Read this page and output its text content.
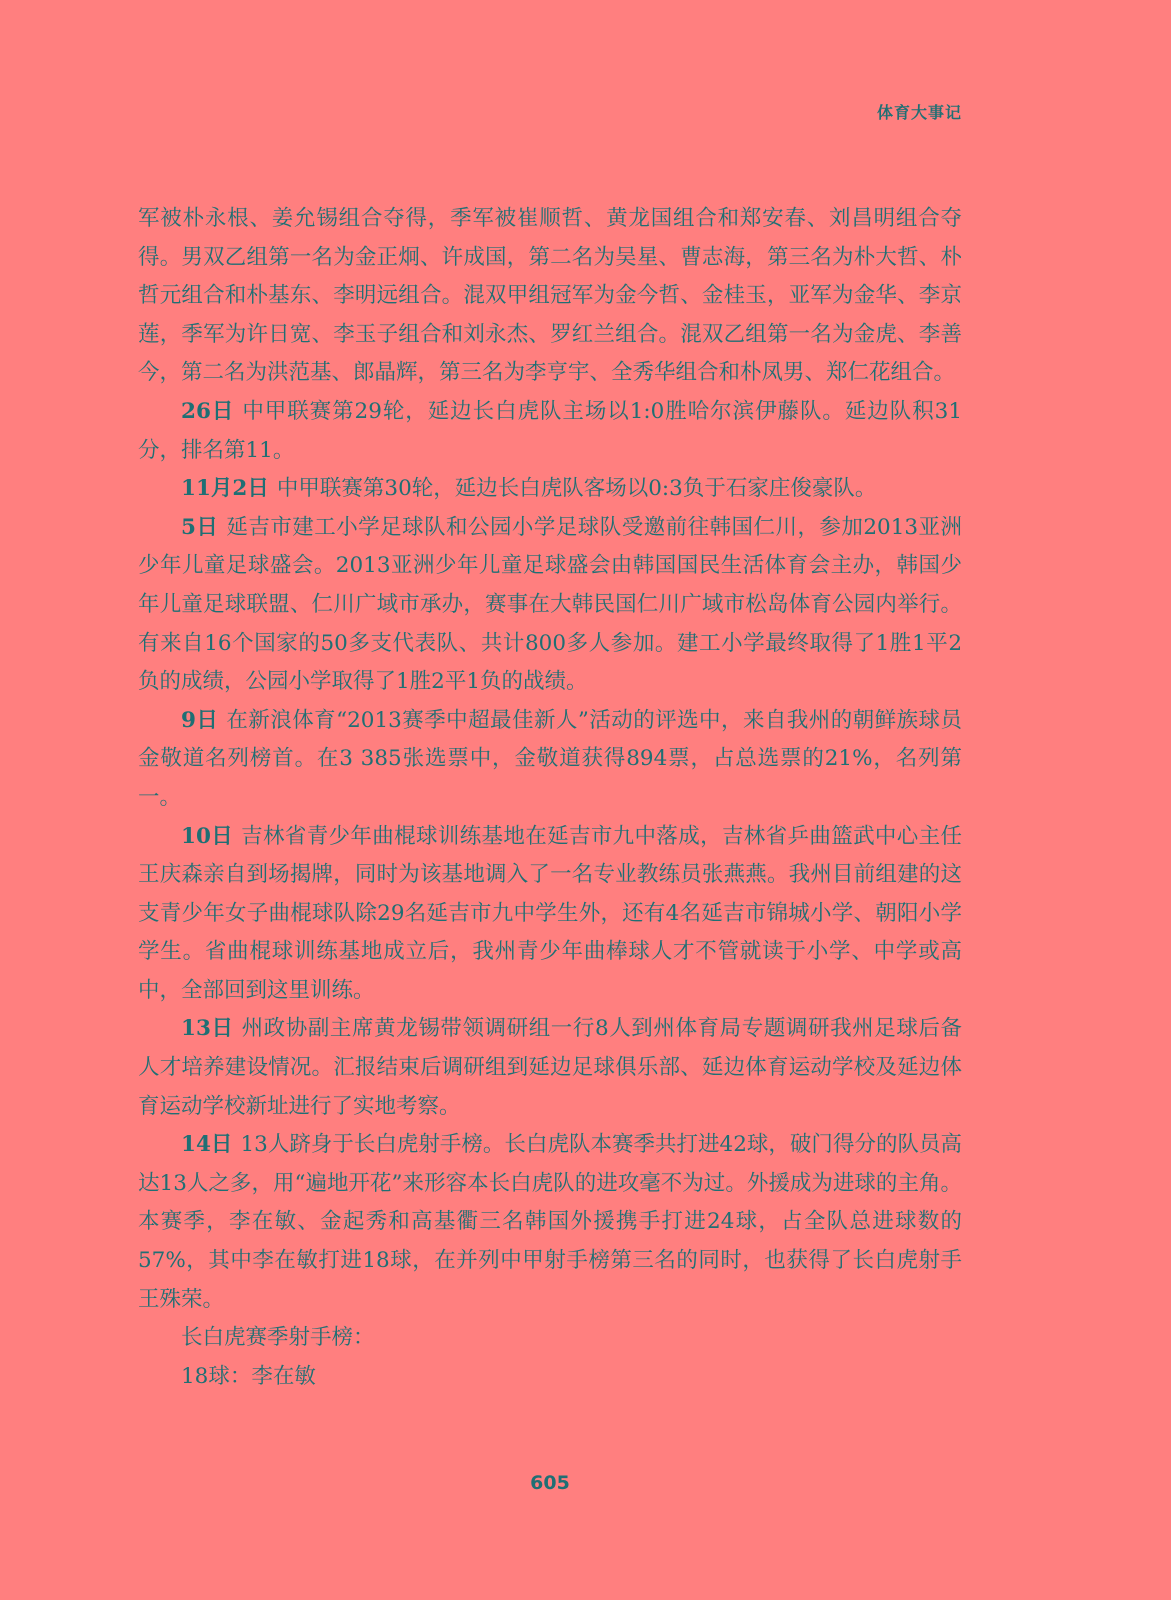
体育大事记

军被朴永根、姜允锡组合夺得，季军被崔顺哲、黄龙国组合和郑安春、刘昌明组合夺得。男双乙组第一名为金正炯、许成国，第二名为吴星、曹志海，第三名为朴大哲、朴哲元组合和朴基东、李明远组合。混双甲组冠军为金今哲、金桂玉，亚军为金华、李京莲，季军为许日宽、李玉子组合和刘永杰、罗红兰组合。混双乙组第一名为金虎、李善今，第二名为洪范基、郎晶辉，第三名为李亨宇、全秀华组合和朴凤男、郑仁花组合。

26日 中甲联赛第29轮，延边长白虎队主场以1:0胜哈尔滨伊藤队。延边队积31分，排名第11。

11月2日 中甲联赛第30轮，延边长白虎队客场以0:3负于石家庄俊豪队。

5日 延吉市建工小学足球队和公园小学足球队受邀前往韩国仁川，参加2013亚洲少年儿童足球盛会。2013亚洲少年儿童足球盛会由韩国国民生活体育会主办，韩国少年儿童足球联盟、仁川广域市承办，赛事在大韩民国仁川广域市松岛体育公园内举行。有来自16个国家的50多支代表队、共计800多人参加。建工小学最终取得了1胜1平2负的成绩，公园小学取得了1胜2平1负的战绩。

9日 在新浪体育“2013赛季中超最佳新人”活动的评选中，来自我州的朝鲜族球员金敬道名列榜首。在3 385张选票中，金敬道获得894票，占总选票的21%，名列第一。

10日 吉林省青少年曲棍球训练基地在延吉市九中落成，吉林省乒曲篮武中心主任王庆森亲自到场揭牌，同时为该基地调入了一名专业教练员张燕燕。我州目前组建的这支青少年女子曲棍球队除29名延吉市九中学生外，还有4名延吉市锦城小学、朝阳小学学生。省曲棍球训练基地成立后，我州青少年曲棒球人才不管就读于小学、中学或高中，全部回到这里训练。

13日 州政协副主席黄龙锡带领调研组一行8人到州体育局专题调研我州足球后备人才培养建设情况。汇报结束后调研组到延边足球俱乐部、延边体育运动学校及延边体育运动学校新址进行了实地考察。

14日 13人跻身于长白虎射手榜。长白虎队本赛季共打进42球，破门得分的队员高达13人之多，用“遍地开花”来形容本长白虎队的进攻毫不为过。外援成为进球的主角。本赛季，李在敏、金起秀和高基衢三名韩国外援携手打进24球，占全队总进球数的57%，其中李在敏打进18球，在并列中甲射手榜第三名的同时，也获得了长白虎射手王殊荣。

长白虎赛季射手榜：

18球：李在敏

605
